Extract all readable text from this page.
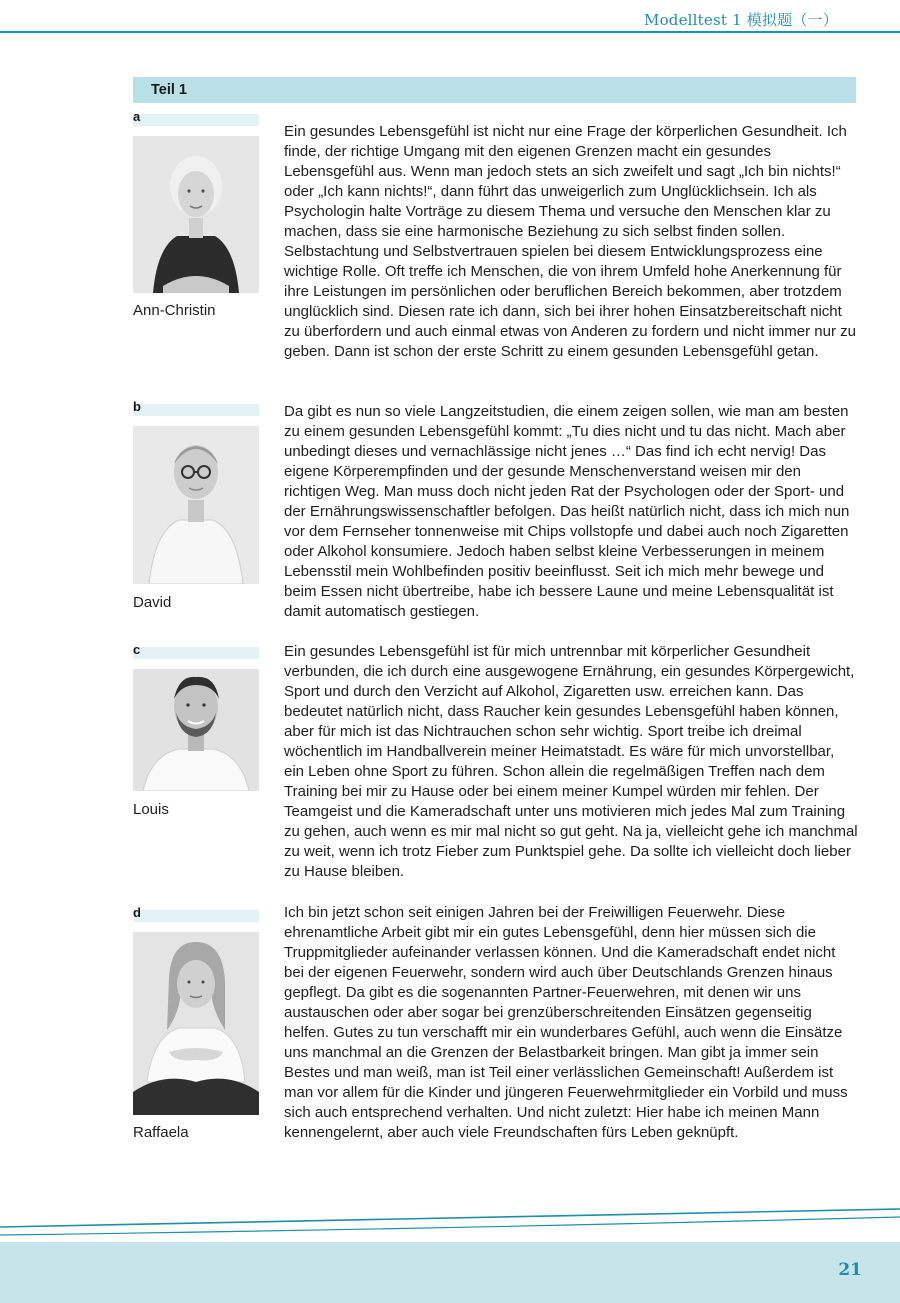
Modelltest 1 模拟题（一）
Teil 1
a
Ann-Christin

Ein gesundes Lebensgefühl ist nicht nur eine Frage der körperlichen Gesundheit. Ich finde, der richtige Umgang mit den eigenen Grenzen macht ein gesundes Lebensgefühl aus. Wenn man jedoch stets an sich zweifelt und sagt „Ich bin nichts!“ oder „Ich kann nichts!“, dann führt das unweigerlich zum Unglücklichsein. Ich als Psychologin halte Vorträge zu diesem Thema und versuche den Menschen klar zu machen, dass sie eine harmonische Beziehung zu sich selbst finden sollen. Selbstachtung und Selbstvertrauen spielen bei diesem Entwicklungsprozess eine wichtige Rolle. Oft treffe ich Menschen, die von ihrem Umfeld hohe Anerkennung für ihre Leistungen im persönlichen oder beruflichen Bereich bekommen, aber trotzdem unglücklich sind. Diesen rate ich dann, sich bei ihrer hohen Einsatzbereitschaft nicht zu überfordern und auch einmal etwas von Anderen zu fordern und nicht immer nur zu geben. Dann ist schon der erste Schritt zu einem gesunden Lebensgefühl getan.

b
David

Da gibt es nun so viele Langzeitstudien, die einem zeigen sollen, wie man am besten zu einem gesunden Lebensgefühl kommt: „Tu dies nicht und tu das nicht. Mach aber unbedingt dieses und vernachlässige nicht jenes …“ Das find ich echt nervig! Das eigene Körperempfinden und der gesunde Menschenverstand weisen mir den richtigen Weg. Man muss doch nicht jeden Rat der Psychologen oder der Sport- und der Ernährungswissenschaftler befolgen. Das heißt natürlich nicht, dass ich mich nun vor dem Fernseher tonnenweise mit Chips vollstopfe und dabei auch noch Zigaretten oder Alkohol konsumiere. Jedoch haben selbst kleine Verbesserungen in meinem Lebensstil mein Wohlbefinden positiv beeinflusst. Seit ich mich mehr bewege und beim Essen nicht übertreibe, habe ich bessere Laune und meine Lebensqualität ist damit automatisch gestiegen.

c
Louis

Ein gesundes Lebensgefühl ist für mich untrennbar mit körperlicher Gesundheit verbunden, die ich durch eine ausgewogene Ernährung, ein gesundes Körpergewicht, Sport und durch den Verzicht auf Alkohol, Zigaretten usw. erreichen kann. Das bedeutet natürlich nicht, dass Raucher kein gesundes Lebensgefühl haben können, aber für mich ist das Nichtrauchen schon sehr wichtig. Sport treibe ich dreimal wöchentlich im Handballverein meiner Heimatstadt. Es wäre für mich unvorstellbar, ein Leben ohne Sport zu führen. Schon allein die regelmäßigen Treffen nach dem Training bei mir zu Hause oder bei einem meiner Kumpel würden mir fehlen. Der Teamgeist und die Kameradschaft unter uns motivieren mich jedes Mal zum Training zu gehen, auch wenn es mir mal nicht so gut geht. Na ja, vielleicht gehe ich manchmal zu weit, wenn ich trotz Fieber zum Punktspiel gehe. Da sollte ich vielleicht doch lieber zu Hause bleiben.

d
Raffaela

Ich bin jetzt schon seit einigen Jahren bei der Freiwilligen Feuerwehr. Diese ehrenamtliche Arbeit gibt mir ein gutes Lebensgefühl, denn hier müssen sich die Truppmitglieder aufeinander verlassen können. Und die Kameradschaft endet nicht bei der eigenen Feuerwehr, sondern wird auch über Deutschlands Grenzen hinaus gepflegt. Da gibt es die sogenannten Partner-Feuerwehren, mit denen wir uns austauschen oder aber sogar bei grenzüberschreitenden Einsätzen gegenseitig helfen. Gutes zu tun verschafft mir ein wunderbares Gefühl, auch wenn die Einsätze uns manchmal an die Grenzen der Belastbarkeit bringen. Man gibt ja immer sein Bestes und man weiß, man ist Teil einer verlässlichen Gemeinschaft! Außerdem ist man vor allem für die Kinder und jüngeren Feuerwehrmitglieder ein Vorbild und muss sich auch entsprechend verhalten. Und nicht zuletzt: Hier habe ich meinen Mann kennengelernt, aber auch viele Freundschaften fürs Leben geknüpft.

21
